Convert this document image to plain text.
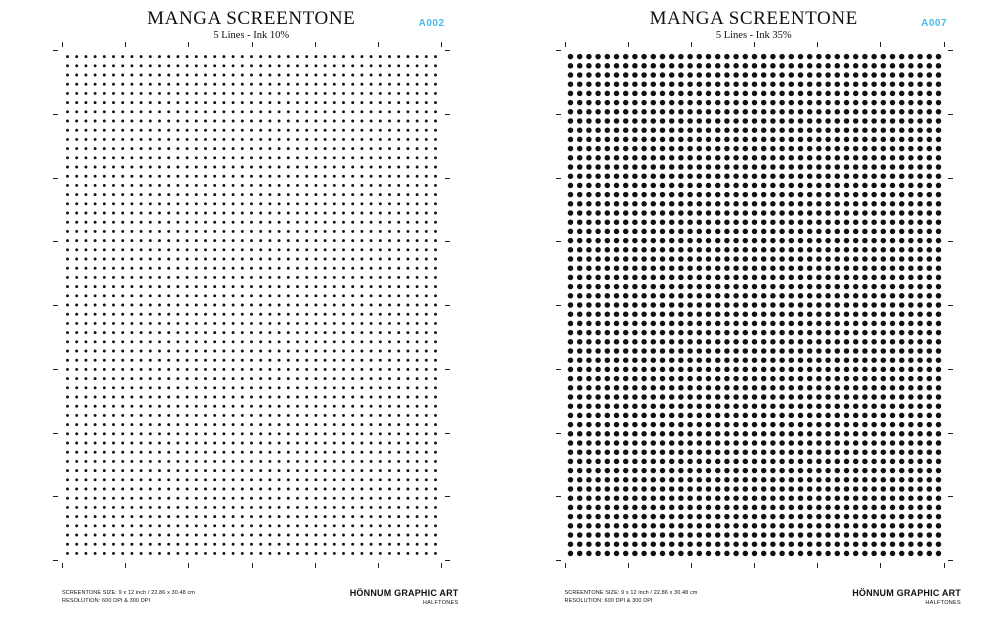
MANGA SCREENTONE
5 Lines - Ink 10%
A002
SCREENTONE SIZE: 9 x 12 inch / 22.86 x 30.48 cm
RESOLUTION: 600 DPI & 300 DPI
HÖNNUM GRAPHIC ART
HALFTONES
MANGA SCREENTONE
5 Lines - Ink 35%
A007
SCREENTONE SIZE: 9 x 12 inch / 22.86 x 30.48 cm
RESOLUTION: 600 DPI & 300 DPI
HÖNNUM GRAPHIC ART
HALFTONES
